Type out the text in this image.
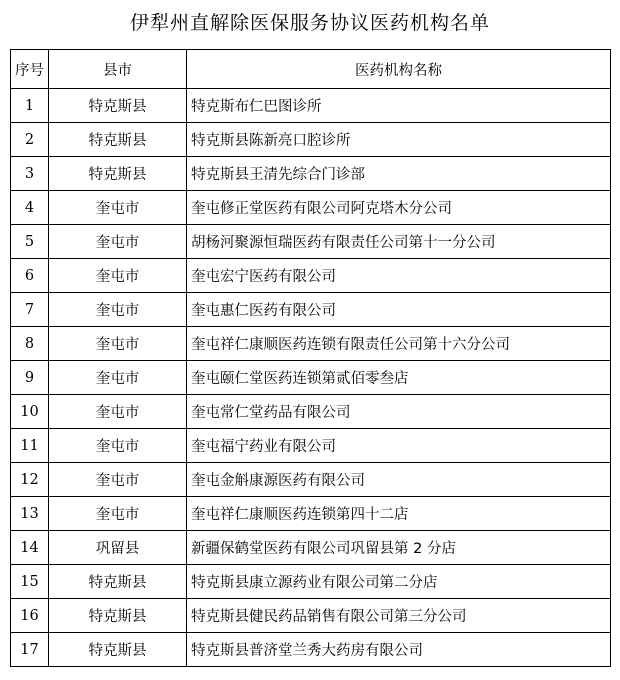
伊犁州直解除医保服务协议医药机构名单
序号	县市	医药机构名称
1	特克斯县	特克斯布仁巴图诊所
2	特克斯县	特克斯县陈新亮口腔诊所
3	特克斯县	特克斯县王清先综合门诊部
4	奎屯市	奎屯修正堂医药有限公司阿克塔木分公司
5	奎屯市	胡杨河聚源恒瑞医药有限责任公司第十一分公司
6	奎屯市	奎屯宏宁医药有限公司
7	奎屯市	奎屯惠仁医药有限公司
8	奎屯市	奎屯祥仁康顺医药连锁有限责任公司第十六分公司
9	奎屯市	奎屯颐仁堂医药连锁第贰佰零叁店
10	奎屯市	奎屯常仁堂药品有限公司
11	奎屯市	奎屯福宁药业有限公司
12	奎屯市	奎屯金斛康源医药有限公司
13	奎屯市	奎屯祥仁康顺医药连锁第四十二店
14	巩留县	新疆保鹤堂医药有限公司巩留县第 2 分店
15	特克斯县	特克斯县康立源药业有限公司第二分店
16	特克斯县	特克斯县健民药品销售有限公司第三分公司
17	特克斯县	特克斯县普济堂兰秀大药房有限公司
